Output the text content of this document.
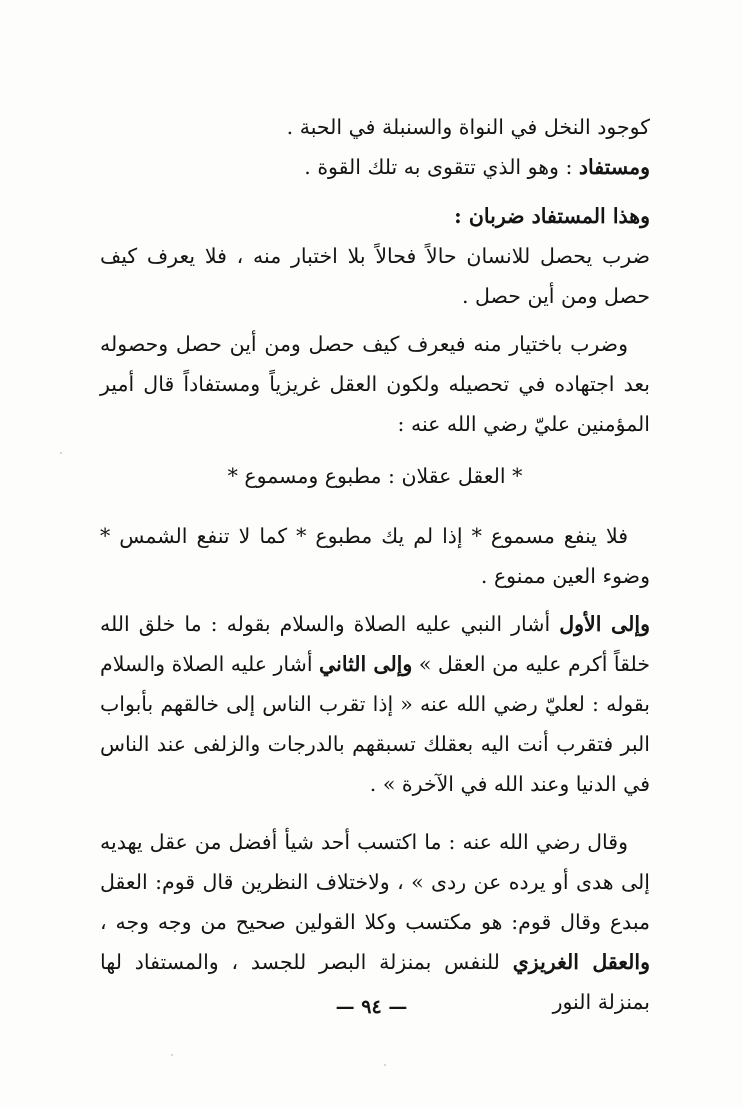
كوجود النخل في النواة والسنبلة في الحبة .

ومستفاد : وهو الذي تتقوى به تلك القوة .

وهذا المستفاد ضربان :

ضرب يحصل للانسان حالاً فحالاً بلا اختبار منه ، فلا يعرف كيف حصل ومن أين حصل .

وضرب باختيار منه فيعرف كيف حصل ومن أين حصل وحصوله بعد اجتهاده في تحصيله ولكون العقل غريزياً ومستفاداً قال أمير المؤمنين عليّ رضي الله عنه :

* العقل عقلان : مطبوع ومسموع *

فلا ينفع مسموع * إذا لم يك مطبوع * كما لا تنفع الشمس * وضوء العين ممنوع .

وإلى الأول أشار النبي عليه الصلاة والسلام بقوله : ما خلق الله خلقاً أكرم عليه من العقل » وإلى الثاني أشار عليه الصلاة والسلام بقوله : لعليّ رضي الله عنه « إذا تقرب الناس إلى خالقهم بأبواب البر فتقرب أنت اليه بعقلك تسبقهم بالدرجات والزلفى عند الناس في الدنيا وعند الله في الآخرة » .

وقال رضي الله عنه : ما اكتسب أحد شيأ أفضل من عقل يهديه إلى هدى أو يرده عن ردى » ، ولاختلاف النظرين قال قوم: العقل مبدع وقال قوم: هو مكتسب وكلا القولين صحيح من وجه وجه ، والعقل الغريزي للنفس بمنزلة البصر للجسد ، والمستفاد لها بمنزلة النور

— ٩٤ —
